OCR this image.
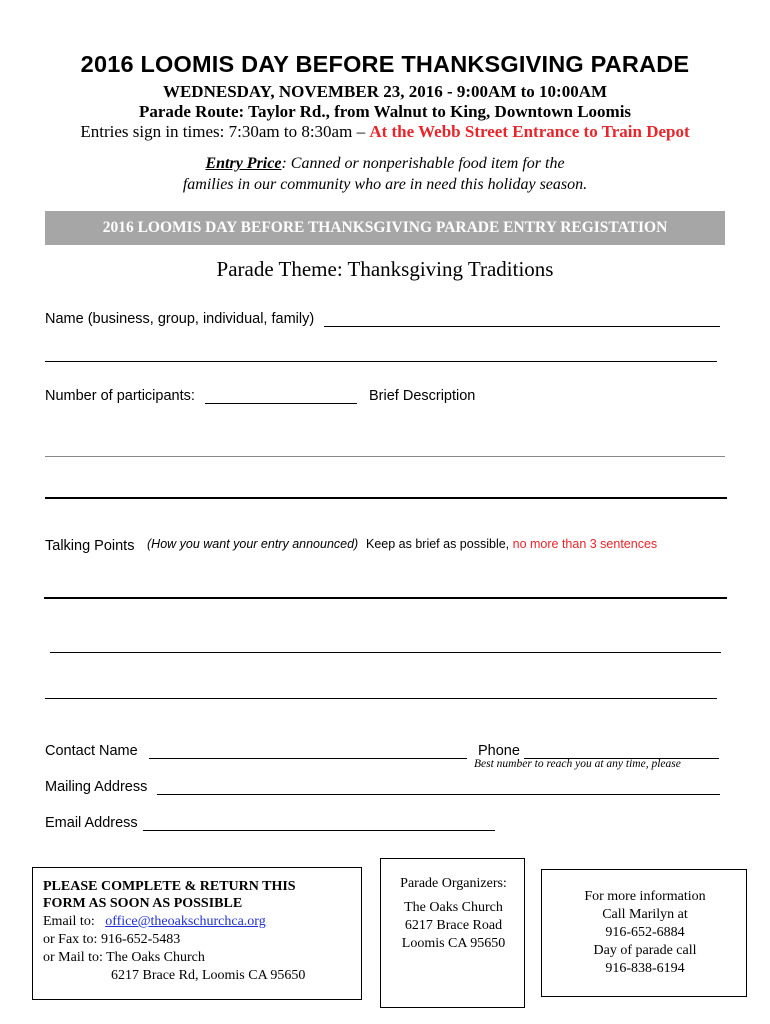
2016 LOOMIS DAY BEFORE THANKSGIVING PARADE
WEDNESDAY, NOVEMBER 23, 2016 - 9:00AM to 10:00AM
Parade Route: Taylor Rd., from Walnut to King, Downtown Loomis
Entries sign in times: 7:30am to 8:30am – At the Webb Street Entrance to Train Depot
Entry Price: Canned or nonperishable food item for the
families in our community who are in need this holiday season.
2016 LOOMIS DAY BEFORE THANKSGIVING PARADE ENTRY REGISTATION
Parade Theme: Thanksgiving Traditions
Name (business, group, individual, family)
Number of participants:	Brief Description
Talking Points (How you want your entry announced) Keep as brief as possible, no more than 3 sentences
Contact Name	Phone
Best number to reach you at any time, please
Mailing Address
Email Address
PLEASE COMPLETE & RETURN THIS
FORM AS SOON AS POSSIBLE
Email to:   office@theoakschurchca.org
or Fax to: 916-652-5483
or Mail to: The Oaks Church
6217 Brace Rd, Loomis CA 95650
Parade Organizers:
The Oaks Church
6217 Brace Road
Loomis CA 95650
For more information
Call Marilyn at
916-652-6884
Day of parade call
916-838-6194
